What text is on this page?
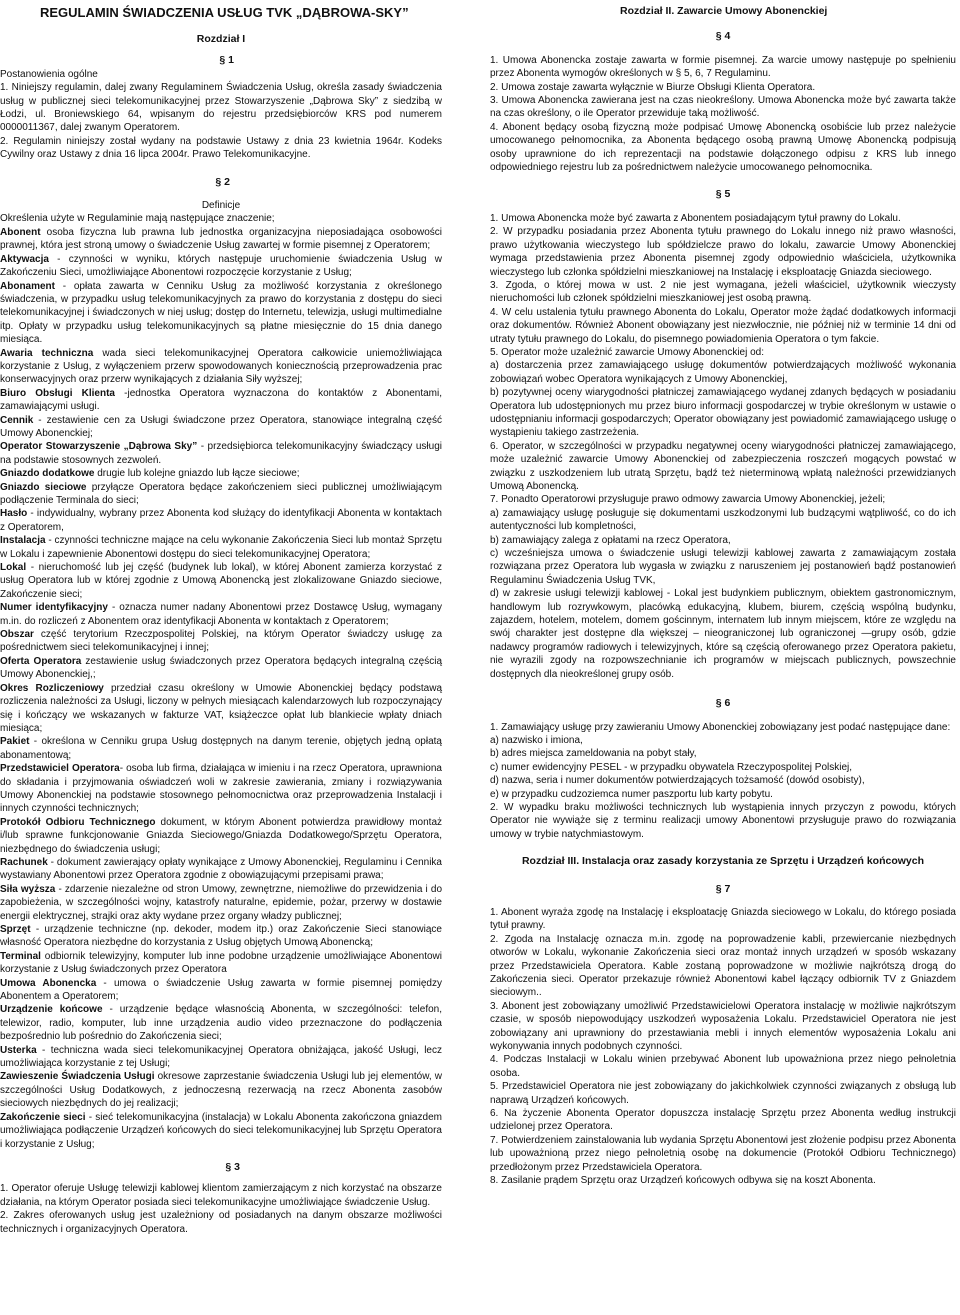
REGULAMIN ŚWIADCZENIA USŁUG TVK „DĄBROWA-SKY”
Rozdział I
§ 1
Postanowienia ogólne

1. Niniejszy regulamin, dalej zwany Regulaminem Świadczenia Usług, określa zasady świadczenia usług w publicznej sieci telekomunikacyjnej przez Stowarzyszenie „Dąbrowa Sky” z siedzibą w Łodzi, ul. Broniewskiego 64, wpisanym do rejestru przedsiębiorców KRS pod numerem 0000011367, dalej zwanym Operatorem.

2. Regulamin niniejszy został wydany na podstawie Ustawy z dnia 23 kwietnia 1964r. Kodeks Cywilny oraz Ustawy z dnia 16 lipca 2004r. Prawo Telekomunikacyjne.

§ 2
Definicje

Określenia użyte w Regulaminie mają następujące znaczenie;

Abonent osoba fizyczna lub prawna lub jednostka organizacyjna nieposiadająca osobowości prawnej, która jest stroną umowy o świadczenie Usług zawartej w formie pisemnej z Operatorem;

Aktywacja - czynności w wyniku, których następuje uruchomienie świadczenia Usług w Zakończeniu Sieci, umożliwiające Abonentowi rozpoczęcie korzystanie z Usług;

Abonament - opłata zawarta w Cenniku Usług za możliwość korzystania z określonego świadczenia, w przypadku usług telekomunikacyjnych za prawo do korzystania z dostępu do sieci telekomunikacyjnej i świadczonych w niej usług; dostęp do Internetu, telewizja, usługi multimedialne itp. Opłaty w przypadku usług telekomunikacyjnych są płatne miesięcznie do 15 dnia danego miesiąca.

Awaria techniczna wada sieci telekomunikacyjnej Operatora całkowicie uniemożliwiająca korzystanie z Usług, z wyłączeniem przerw spowodowanych koniecznością przeprowadzenia prac konserwacyjnych oraz przerw wynikających z działania Siły wyższej;

Biuro Obsługi Klienta -jednostka Operatora wyznaczona do kontaktów z Abonentami, zamawiającymi usługi.

Cennik - zestawienie cen za Usługi świadczone przez Operatora, stanowiące integralną część Umowy Abonenckiej;

Operator Stowarzyszenie „Dąbrowa Sky” - przedsiębiorca telekomunikacyjny świadczący usługi na podstawie stosownych zezwoleń.

Gniazdo dodatkowe drugie lub kolejne gniazdo lub łącze sieciowe;

Gniazdo sieciowe przyłącze Operatora będące zakończeniem sieci publicznej umożliwiającym podłączenie Terminala do sieci;

Hasło - indywidualny, wybrany przez Abonenta kod służący do identyfikacji Abonenta w kontaktach z Operatorem,

Instalacja - czynności techniczne mające na celu wykonanie Zakończenia Sieci lub montaż Sprzętu w Lokalu i zapewnienie Abonentowi dostępu do sieci telekomunikacyjnej Operatora;

Lokal - nieruchomość lub jej część (budynek lub lokal), w której Abonent zamierza korzystać z usług Operatora lub w której zgodnie z Umową Abonencką jest zlokalizowane Gniazdo sieciowe, Zakończenie sieci;

Numer identyfikacyjny - oznacza numer nadany Abonentowi przez Dostawcę Usług, wymagany m.in. do rozliczeń z Abonentem oraz identyfikacji Abonenta w kontaktach z Operatorem;

Obszar część terytorium Rzeczpospolitej Polskiej, na którym Operator świadczy usługę za pośrednictwem sieci telekomunikacyjnej i innej;

Oferta Operatora zestawienie usług świadczonych przez Operatora będących integralną częścią Umowy Abonenckiej,;

Okres Rozliczeniowy przedział czasu określony w Umowie Abonenckiej będący podstawą rozliczenia należności za Usługi, liczony w pełnych miesiącach kalendarzowych lub rozpoczynający się i kończący we wskazanych w fakturze VAT, książeczce opłat lub blankiecie wpłaty dniach miesiąca;

Pakiet - określona w Cenniku grupa Usług dostępnych na danym terenie, objętych jedną opłatą abonamentową;

Przedstawiciel Operatora- osoba lub firma, działająca w imieniu i na rzecz Operatora, uprawniona do składania i przyjmowania oświadczeń woli w zakresie zawierania, zmiany i rozwiązywania Umowy Abonenckiej na podstawie stosownego pełnomocnictwa oraz przeprowadzenia Instalacji i innych czynności technicznych;

Protokół Odbioru Technicznego dokument, w którym Abonent potwierdza prawidłowy montaż i/lub sprawne funkcjonowanie Gniazda Sieciowego/Gniazda Dodatkowego/Sprzętu Operatora, niezbędnego do świadczenia usługi;

Rachunek - dokument zawierający opłaty wynikające z Umowy Abonenckiej, Regulaminu i Cennika wystawiany Abonentowi przez Operatora zgodnie z obowiązującymi przepisami prawa;

Siła wyższa - zdarzenie niezależne od stron Umowy, zewnętrzne, niemożliwe do przewidzenia i do zapobieżenia, w szczególności wojny, katastrofy naturalne, epidemie, pożar, przerwy w dostawie energii elektrycznej, strajki oraz akty wydane przez organy władzy publicznej;

Sprzęt - urządzenie techniczne (np. dekoder, modem itp.) oraz Zakończenie Sieci stanowiące własność Operatora niezbędne do korzystania z Usług objętych Umową Abonencką;

Terminal odbiornik telewizyjny, komputer lub inne podobne urządzenie umożliwiające Abonentowi korzystanie z Usług świadczonych przez Operatora

Umowa Abonencka - umowa o świadczenie Usług zawarta w formie pisemnej pomiędzy Abonentem a Operatorem;

Urządzenie końcowe - urządzenie będące własnością Abonenta, w szczególności: telefon, telewizor, radio, komputer, lub inne urządzenia audio video przeznaczone do podłączenia bezpośrednio lub pośrednio do Zakończenia sieci;

Usterka - techniczna wada sieci telekomunikacyjnej Operatora obniżająca, jakość Usługi, lecz umożliwiająca korzystanie z tej Usługi;

Zawieszenie Świadczenia Usługi okresowe zaprzestanie świadczenia Usługi lub jej elementów, w szczególności Usług Dodatkowych, z jednoczesną rezerwacją na rzecz Abonenta zasobów sieciowych niezbędnych do jej realizacji;

Zakończenie sieci - sieć telekomunikacyjna (instalacja) w Lokalu Abonenta zakończona gniazdem umożliwiająca podłączenie Urządzeń końcowych do sieci telekomunikacyjnej lub Sprzętu Operatora i korzystanie z Usług;

§ 3

1. Operator oferuje Usługę telewizji kablowej klientom zamierzającym z nich korzystać na obszarze działania, na którym Operator posiada sieci telekomunikacyjne umożliwiające świadczenie Usług.

2. Zakres oferowanych usług jest uzależniony od posiadanych na danym obszarze możliwości technicznych i organizacyjnych Operatora.

Rozdział II. Zawarcie Umowy Abonenckiej
§ 4

1. Umowa Abonencka zostaje zawarta w formie pisemnej. Za warcie umowy następuje po spełnieniu przez Abonenta wymogów określonych w § 5, 6, 7 Regulaminu.

2. Umowa zostaje zawarta wyłącznie w Biurze Obsługi Klienta Operatora.

3. Umowa Abonencka zawierana jest na czas nieokreślony. Umowa Abonencka może być zawarta także na czas określony, o ile Operator przewiduje taką możliwość.

4. Abonent będący osobą fizyczną może podpisać Umowę Abonencką osobiście lub przez należycie umocowanego pełnomocnika, za Abonenta będącego osobą prawną Umowę Abonencką podpisują osoby uprawnione do ich reprezentacji na podstawie dołączonego odpisu z KRS lub innego odpowiedniego rejestru lub za pośrednictwem należycie umocowanego pełnomocnika.

§ 5

1. Umowa Abonencka może być zawarta z Abonentem posiadającym tytuł prawny do Lokalu.

2. W przypadku posiadania przez Abonenta tytułu prawnego do Lokalu innego niż prawo własności, prawo użytkowania wieczystego lub spółdzielcze prawo do lokalu, zawarcie Umowy Abonenckiej wymaga przedstawienia przez Abonenta pisemnej zgody odpowiednio właściciela, użytkownika wieczystego lub członka spółdzielni mieszkaniowej na Instalację i eksploatację Gniazda sieciowego.

3. Zgoda, o której mowa w ust. 2 nie jest wymagana, jeżeli właściciel, użytkownik wieczysty nieruchomości lub członek spółdzielni mieszkaniowej jest osobą prawną.

4. W celu ustalenia tytułu prawnego Abonenta do Lokalu, Operator może żądać dodatkowych informacji oraz dokumentów. Również Abonent obowiązany jest niezwłocznie, nie później niż w terminie 14 dni od utraty tytułu prawnego do Lokalu, do pisemnego powiadomienia Operatora o tym fakcie.

5. Operator może uzależnić zawarcie Umowy Abonenckiej od:

a) dostarczenia przez zamawiającego usługę dokumentów potwierdzających możliwość wykonania zobowiązań wobec Operatora wynikających z Umowy Abonenckiej,

b) pozytywnej oceny wiarygodności płatniczej zamawiającego wydanej zdanych będących w posiadaniu Operatora lub udostępnionych mu przez biuro informacji gospodarczej w trybie określonym w ustawie o udostępnianiu informacji gospodarczych; Operator obowiązany jest powiadomić zamawiającego usługę o wystąpieniu takiego zastrzeżenia.

6. Operator, w szczególności w przypadku negatywnej oceny wiarygodności płatniczej zamawiającego, może uzależnić zawarcie Umowy Abonenckiej od zabezpieczenia roszczeń mogących powstać w związku z uszkodzeniem lub utratą Sprzętu, bądź też nieterminową wpłatą należności przewidzianych Umową Abonencką.

7. Ponadto Operatorowi przysługuje prawo odmowy zawarcia Umowy Abonenckiej, jeżeli;

a) zamawiający usługę posługuje się dokumentami uszkodzonymi lub budzącymi wątpliwość, co do ich autentyczności lub kompletności,

b) zamawiający zalega z opłatami na rzecz Operatora,

c) wcześniejsza umowa o świadczenie usługi telewizji kablowej zawarta z zamawiającym została rozwiązana przez Operatora lub wygasła w związku z naruszeniem jej postanowień bądź postanowień Regulaminu Świadczenia Usług TVK,

d) w zakresie usługi telewizji kablowej - Lokal jest budynkiem publicznym, obiektem gastronomicznym, handlowym lub rozrywkowym, placówką edukacyjną, klubem, biurem, częścią wspólną budynku, zajazdem, hotelem, motelem, domem gościnnym, internatem lub innym miejscem, które ze względu na swój charakter jest dostępne dla większej – nieograniczonej lub ograniczonej —grupy osób, gdzie nadawcy programów radiowych i telewizyjnych, które są częścią oferowanego przez Operatora pakietu, nie wyrazili zgody na rozpowszechnianie ich programów w miejscach publicznych, powszechnie dostępnych dla nieokreślonej grupy osób.

§ 6

1. Zamawiający usługę przy zawieraniu Umowy Abonenckiej zobowiązany jest podać następujące dane:

a) nazwisko i imiona,

b) adres miejsca zameldowania na pobyt stały,

c) numer ewidencyjny PESEL - w przypadku obywatela Rzeczypospolitej Polskiej,

d) nazwa, seria i numer dokumentów potwierdzających tożsamość (dowód osobisty),

e) w przypadku cudzoziemca numer paszportu lub karty pobytu.

2. W wypadku braku możliwości technicznych lub wystąpienia innych przyczyn z powodu, których Operator nie wywiąże się z terminu realizacji umowy Abonentowi przysługuje prawo do rozwiązania umowy w trybie natychmiastowym.

Rozdział III. Instalacja oraz zasady korzystania ze Sprzętu i Urządzeń końcowych
§ 7

1. Abonent wyraża zgodę na Instalację i eksploatację Gniazda sieciowego w Lokalu, do którego posiada tytuł prawny.

2. Zgoda na Instalację oznacza m.in. zgodę na poprowadzenie kabli, przewiercanie niezbędnych otworów w Lokalu, wykonanie Zakończenia sieci oraz montaż innych urządzeń w sposób wskazany przez Przedstawiciela Operatora. Kable zostaną poprowadzone w możliwie najkrótszą drogą do Zakończenia sieci. Operator przekazuje również Abonentowi kabel łączący odbiornik TV z Gniazdem sieciowym..

3. Abonent jest zobowiązany umożliwić Przedstawicielowi Operatora instalację w możliwie najkrótszym czasie, w sposób niepowodujący uszkodzeń wyposażenia Lokalu. Przedstawiciel Operatora nie jest zobowiązany ani uprawniony do przestawiania mebli i innych elementów wyposażenia Lokalu ani wykonywania innych podobnych czynności.

4. Podczas Instalacji w Lokalu winien przebywać Abonent lub upoważniona przez niego pełnoletnia osoba.

5. Przedstawiciel Operatora nie jest zobowiązany do jakichkolwiek czynności związanych z obsługą lub naprawą Urządzeń końcowych.

6. Na życzenie Abonenta Operator dopuszcza instalację Sprzętu przez Abonenta według instrukcji udzielonej przez Operatora.

7. Potwierdzeniem zainstalowania lub wydania Sprzętu Abonentowi jest złożenie podpisu przez Abonenta lub upoważnioną przez niego pełnoletnią osobę na dokumencie (Protokół Odbioru Technicznego) przedłożonym przez Przedstawiciela Operatora.

8. Zasilanie prądem Sprzętu oraz Urządzeń końcowych odbywa się na koszt Abonenta.
